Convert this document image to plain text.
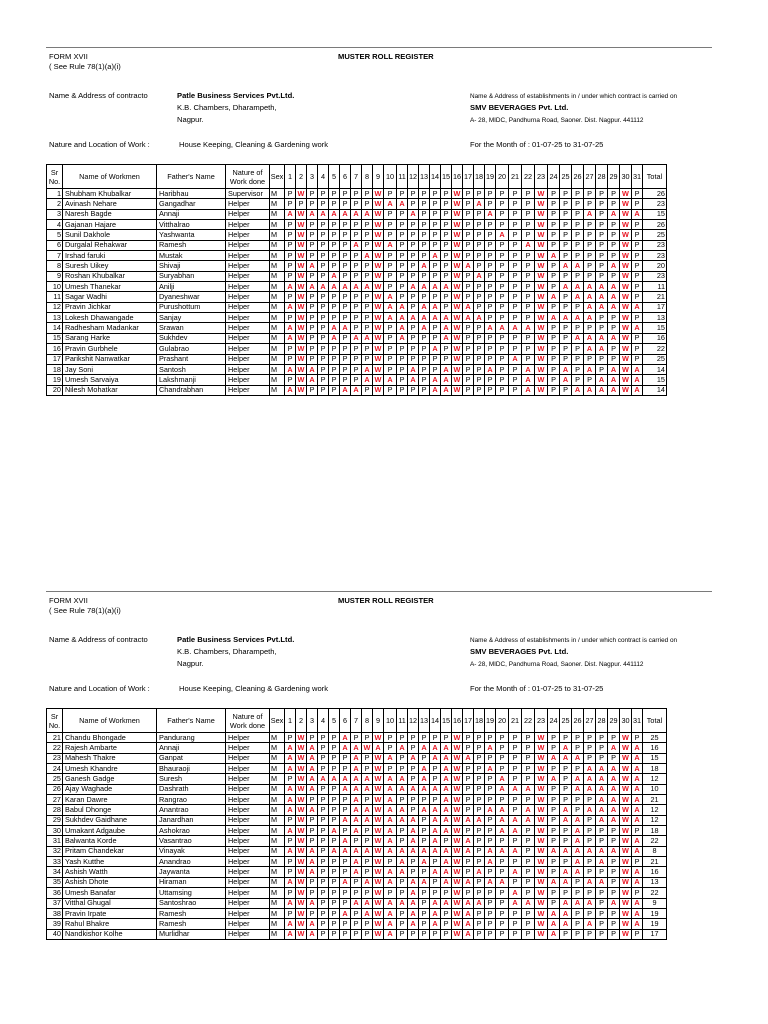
FORM XVII
( See Rule 78(1)(a)(i)
MUSTER ROLL REGISTER
Name & Address of contracto	Patle Business Services Pvt.Ltd.
K.B. Chambers, Dharampeth,
Nagpur.
Name & Address of establishments in / under which contract is carried on
SMV BEVERAGES Pvt. Ltd.
A- 28, MIDC, Pandhurna Road, Saoner. Dist. Nagpur. 441112
Nature and Location of Work :	House Keeping, Cleaning & Gardening work	For the Month of : 01-07-25 to 31-07-25
Sr No.	Name of Workmen	Father's Name	Nature of Work done	Sex	1	2	3	4	5	6	7	8	9	10	11	12	13	14	15	16	17	18	19	20	21	22	23	24	25	26	27	28	29	30	31	Total
1	Shubham Khubalkar	Haribhau	Supervisor	M	P	W	P	P	P	P	P	P	W	P	P	P	P	P	P	W	P	P	P	P	P	P	W	P	P	P	P	P	P	W	P	26
2	Avinash Nehare	Gangadhar	Helper	M	P	P	P	P	P	P	P	P	W	A	A	P	P	P	P	W	P	A	P	P	P	P	W	P	P	P	P	P	P	W	P	23
3	Naresh Bagde	Annaji	Helper	M	A	W	A	A	A	A	A	A	W	P	P	A	P	P	P	W	P	P	A	P	P	P	W	P	P	P	A	P	A	W	A	15
4	Gajanan Hajare	Vitthalrao	Helper	M	P	W	P	P	P	P	P	P	W	P	P	P	P	P	P	W	P	P	P	P	P	P	W	P	P	P	P	P	P	W	P	26
5	Sunil Dakhole	Yashwanta	Helper	M	P	W	P	P	P	P	P	P	W	P	P	P	P	P	P	W	P	P	P	A	P	P	W	P	P	P	P	P	P	W	P	25
6	Durgalal Rehakwar	Ramesh	Helper	M	P	W	P	P	P	P	A	P	W	A	P	P	P	P	P	W	P	P	P	P	P	A	W	P	P	P	P	P	P	W	P	23
7	Irshad faruki	Mustak	Helper	M	P	W	P	P	P	P	P	A	W	P	P	P	P	A	P	W	P	P	P	P	P	P	W	A	P	P	P	P	P	W	P	23
8	Suresh Uikey	Shivaji	Helper	M	P	W	A	P	P	P	P	P	W	P	P	P	A	P	P	W	A	P	P	P	P	P	W	P	A	A	P	P	A	W	P	20
9	Roshan Khubalkar	Suryabhan	Helper	M	P	W	P	P	A	P	P	P	W	P	P	P	P	P	P	W	P	A	P	P	P	P	W	P	P	P	P	P	P	W	P	23
10	Umesh Thanekar	Anilji	Helper	M	A	W	A	A	A	A	A	A	W	P	P	A	A	A	A	W	P	P	P	P	P	P	W	P	A	A	A	A	A	W	P	11
11	Sagar Wadhi	Dyaneshwar	Helper	M	P	W	P	P	P	P	P	P	W	A	P	P	P	P	P	W	P	P	P	P	P	P	W	A	P	A	A	A	A	W	P	21
12	Pravin Jichkar	Purushottum	Helper	M	A	W	P	P	P	P	P	P	W	A	A	P	A	A	P	W	A	P	P	P	P	P	W	P	P	P	A	A	A	W	A	17
13	Lokesh Dhawangade	Sanjay	Helper	M	P	W	P	P	P	P	P	P	W	A	A	A	A	A	A	W	A	A	P	P	P	P	W	A	A	A	A	P	P	W	P	13
14	Radhesham Madankar	Srawan	Helper	M	A	W	P	P	A	A	P	P	W	P	A	P	A	P	A	W	P	P	A	A	A	A	W	P	P	P	P	P	P	W	A	15
15	Sarang Harke	Sukhdev	Helper	M	A	W	P	P	A	P	A	A	W	P	A	P	P	P	A	W	P	P	P	P	P	P	W	P	P	A	A	A	A	W	P	16
16	Pravin Gurbhele	Gulabrao	Helper	M	P	W	P	P	P	P	P	P	W	P	P	P	P	A	P	W	P	P	P	P	P	P	W	P	P	P	A	A	P	W	P	22
17	Parikshit Nanwatkar	Prashant	Helper	M	P	W	P	P	P	P	P	P	W	P	P	P	P	P	P	W	P	P	P	P	A	P	W	P	P	P	P	P	P	W	P	25
18	Jay Soni	Santosh	Helper	M	A	W	A	P	P	P	P	A	W	P	P	A	P	P	A	W	P	P	A	P	P	A	W	P	A	P	A	P	A	W	A	14
19	Umesh Sarvaiya	Lakshmanji	Helper	M	P	W	A	P	P	P	P	A	W	A	P	A	P	A	A	W	P	P	P	P	P	A	W	P	A	P	P	A	A	W	A	15
20	Nilesh Mohatkar	Chandrabhan	Helper	M	A	W	P	P	P	A	A	P	W	P	P	P	P	A	A	W	P	P	P	P	P	A	W	P	P	A	A	A	A	W	A	14
FORM XVII
( See Rule 78(1)(a)(i)
MUSTER ROLL REGISTER
Name & Address of contracto	Patle Business Services Pvt.Ltd.
K.B. Chambers, Dharampeth,
Nagpur.
Name & Address of establishments in / under which contract is carried on
SMV BEVERAGES Pvt. Ltd.
A- 28, MIDC, Pandhurna Road, Saoner. Dist. Nagpur. 441112
Nature and Location of Work :	House Keeping, Cleaning & Gardening work	For the Month of : 01-07-25 to 31-07-25
Sr No.	Name of Workmen	Father's Name	Nature of Work done	Sex	1	2	3	4	5	6	7	8	9	10	11	12	13	14	15	16	17	18	19	20	21	22	23	24	25	26	27	28	29	30	31	Total
21	Chandu Bhongade	Pandurang	Helper	M	P	W	P	P	P	A	P	P	W	P	P	P	P	P	P	W	P	P	P	P	P	P	W	P	P	P	P	P	P	W	P	25
22	Rajesh Ambarte	Annaji	Helper	M	A	W	A	P	P	A	A	W	A	P	A	P	A	A	A	W	P	P	A	P	P	P	W	P	A	P	P	P	A	W	A	16
23	Mahesh Thakre	Ganpat	Helper	M	A	W	A	P	P	P	A	P	W	A	P	A	P	A	A	W	A	P	P	P	P	P	W	A	A	A	P	P	P	W	A	15
24	Umesh Khandre	Bhauraoji	Helper	M	A	W	A	P	P	P	A	P	W	P	P	P	A	P	A	W	P	P	A	P	P	P	W	P	P	P	A	A	A	W	A	18
25	Ganesh Gadge	Suresh	Helper	M	P	W	A	A	A	A	A	A	W	A	A	P	A	P	A	W	P	P	P	A	P	P	W	A	P	A	A	A	A	W	A	12
26	Ajay Waghade	Dashrath	Helper	M	A	W	A	P	P	A	A	A	W	A	A	A	A	A	A	W	P	P	P	A	A	A	W	P	P	A	A	A	A	W	A	10
27	Karan Dawre	Rangrao	Helper	M	A	W	P	P	P	P	A	P	W	A	P	P	P	P	A	W	P	P	P	P	P	P	W	P	P	P	P	A	A	W	A	21
28	Babul Dhonge	Anantrao	Helper	M	A	W	A	P	P	P	A	A	W	A	A	P	A	A	A	W	P	P	A	A	P	A	W	P	A	P	A	A	A	W	A	12
29	Sukhdev Gaidhane	Janardhan	Helper	M	P	W	P	P	P	A	A	A	W	A	A	A	P	A	A	W	A	A	P	A	A	A	W	P	A	A	P	A	A	W	A	12
30	Umakant Adgaube	Ashokrao	Helper	M	A	W	P	P	A	P	A	P	W	A	P	A	P	A	A	W	P	P	P	A	A	P	W	P	P	A	P	P	P	W	P	18
31	Balwanta Korde	Vasantrao	Helper	M	P	W	P	P	P	A	P	P	W	A	P	A	P	A	P	W	A	P	P	P	P	P	W	P	P	A	P	P	P	W	A	22
32	Pritam Chandekar	Vinayak	Helper	M	A	W	A	P	A	A	A	A	W	A	A	A	A	A	A	W	A	P	A	A	A	P	W	A	A	A	A	A	A	W	A	8
33	Yash Kutthe	Anandrao	Helper	M	P	W	A	P	P	P	A	P	W	P	A	P	A	P	A	W	P	P	A	P	P	P	W	P	P	A	P	A	P	W	P	21
34	Ashish Watth	Jaywanta	Helper	M	P	W	A	P	P	P	A	P	W	A	A	P	P	A	A	W	P	A	P	P	A	P	W	P	A	A	P	P	P	W	A	16
35	Ashish Dhote	Hiraman	Helper	M	A	W	P	P	P	A	P	A	W	A	P	A	A	P	A	W	A	P	A	A	P	P	W	A	A	P	A	A	P	W	A	13
36	Umesh Banafar	Uttamsing	Helper	M	P	W	P	P	P	P	P	P	W	P	P	A	P	P	P	W	P	P	P	P	A	P	W	P	P	P	P	P	P	W	P	22
37	Vitthal Ghugal	Santoshrao	Helper	M	A	W	A	P	P	P	A	A	W	A	A	A	P	A	A	W	A	A	P	P	A	A	W	P	A	A	A	P	A	W	A	9
38	Pravin Irpate	Ramesh	Helper	M	P	W	P	P	P	A	P	A	W	A	P	A	P	A	P	W	A	P	P	P	P	P	W	A	A	P	P	P	P	W	A	19
39	Rahul Bhakre	Ramesh	Helper	M	A	W	A	P	P	P	P	P	W	A	P	A	P	A	P	W	A	P	P	P	P	P	W	A	A	P	A	P	P	W	A	19
40	Nandkishor Kolhe	Murlidhar	Helper	M	A	W	A	P	P	P	P	P	W	A	P	P	P	P	P	W	A	P	P	P	P	P	W	A	P	P	P	P	P	W	P	17
